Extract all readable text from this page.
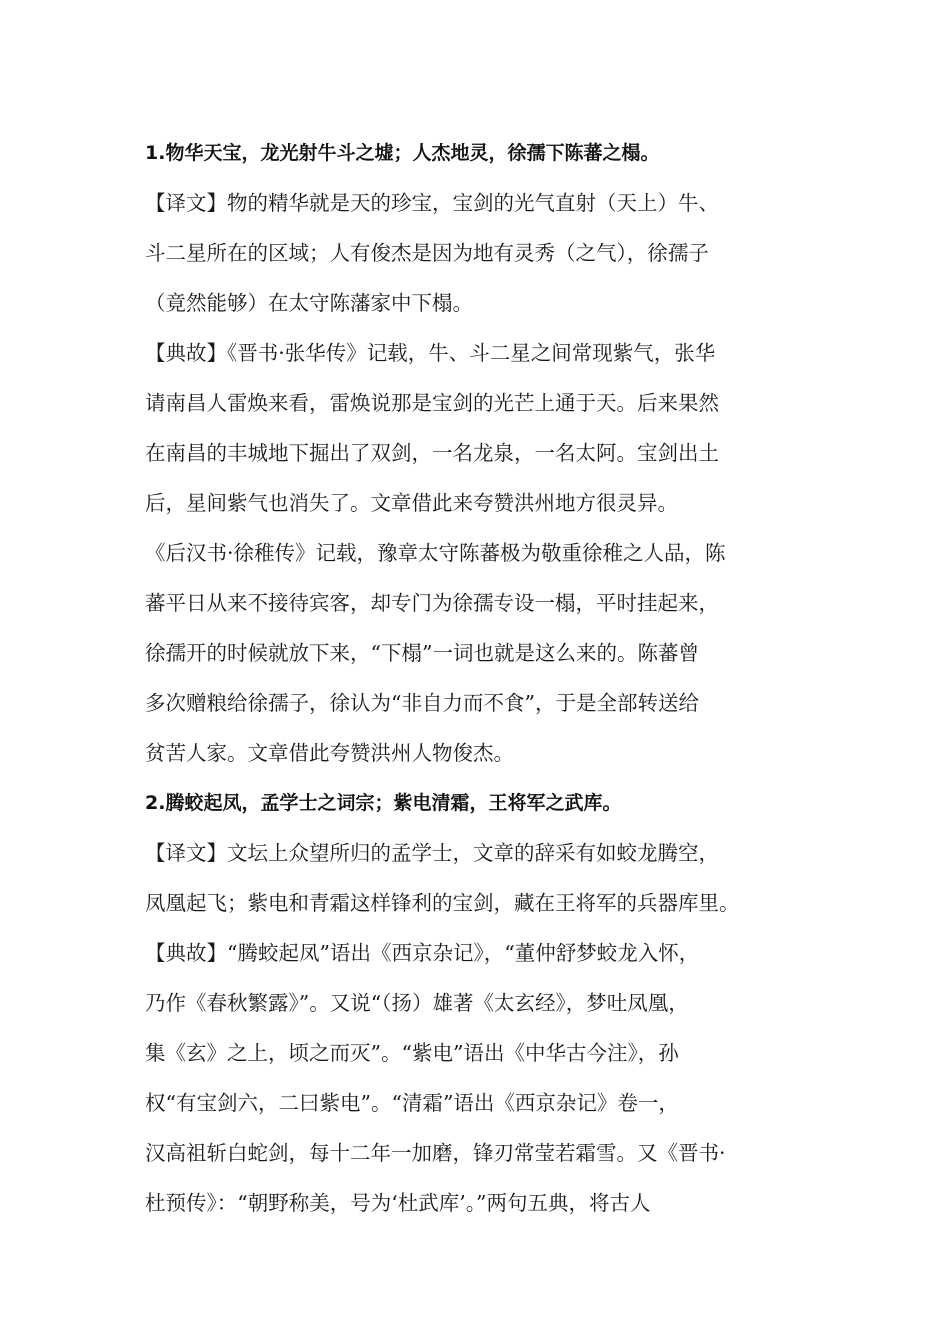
1.物华天宝，龙光射牛斗之墟；人杰地灵，徐孺下陈蕃之榻。
【译文】物的精华就是天的珍宝，宝剑的光气直射（天上）牛、
斗二星所在的区域；人有俊杰是因为地有灵秀（之气），徐孺子
（竟然能够）在太守陈藩家中下榻。
【典故】《晋书·张华传》记载，牛、斗二星之间常现紫气，张华
请南昌人雷焕来看，雷焕说那是宝剑的光芒上通于天。后来果然
在南昌的丰城地下掘出了双剑，一名龙泉，一名太阿。宝剑出土
后，星间紫气也消失了。文章借此来夸赞洪州地方很灵异。
《后汉书·徐稚传》记载，豫章太守陈蕃极为敬重徐稚之人品，陈
蕃平日从来不接待宾客，却专门为徐孺专设一榻，平时挂起来，
徐孺开的时候就放下来，“下榻”一词也就是这么来的。陈蕃曾
多次赠粮给徐孺子，徐认为“非自力而不食”，于是全部转送给
贫苦人家。文章借此夸赞洪州人物俊杰。
2.腾蛟起凤，孟学士之词宗；紫电清霜，王将军之武库。
【译文】文坛上众望所归的孟学士，文章的辞采有如蛟龙腾空，
凤凰起飞；紫电和青霜这样锋利的宝剑，藏在王将军的兵器库里。
【典故】“腾蛟起凤”语出《西京杂记》，“董仲舒梦蛟龙入怀，
乃作《春秋繁露》”。又说“（扬）雄著《太玄经》，梦吐凤凰，
集《玄》之上，顷之而灭”。“紫电”语出《中华古今注》，孙
权“有宝剑六，二曰紫电”。“清霜”语出《西京杂记》卷一，
汉高祖斩白蛇剑，每十二年一加磨，锋刃常莹若霜雪。又《晋书·
杜预传》：“朝野称美，号为‘杜武库’。”两句五典，将古人
